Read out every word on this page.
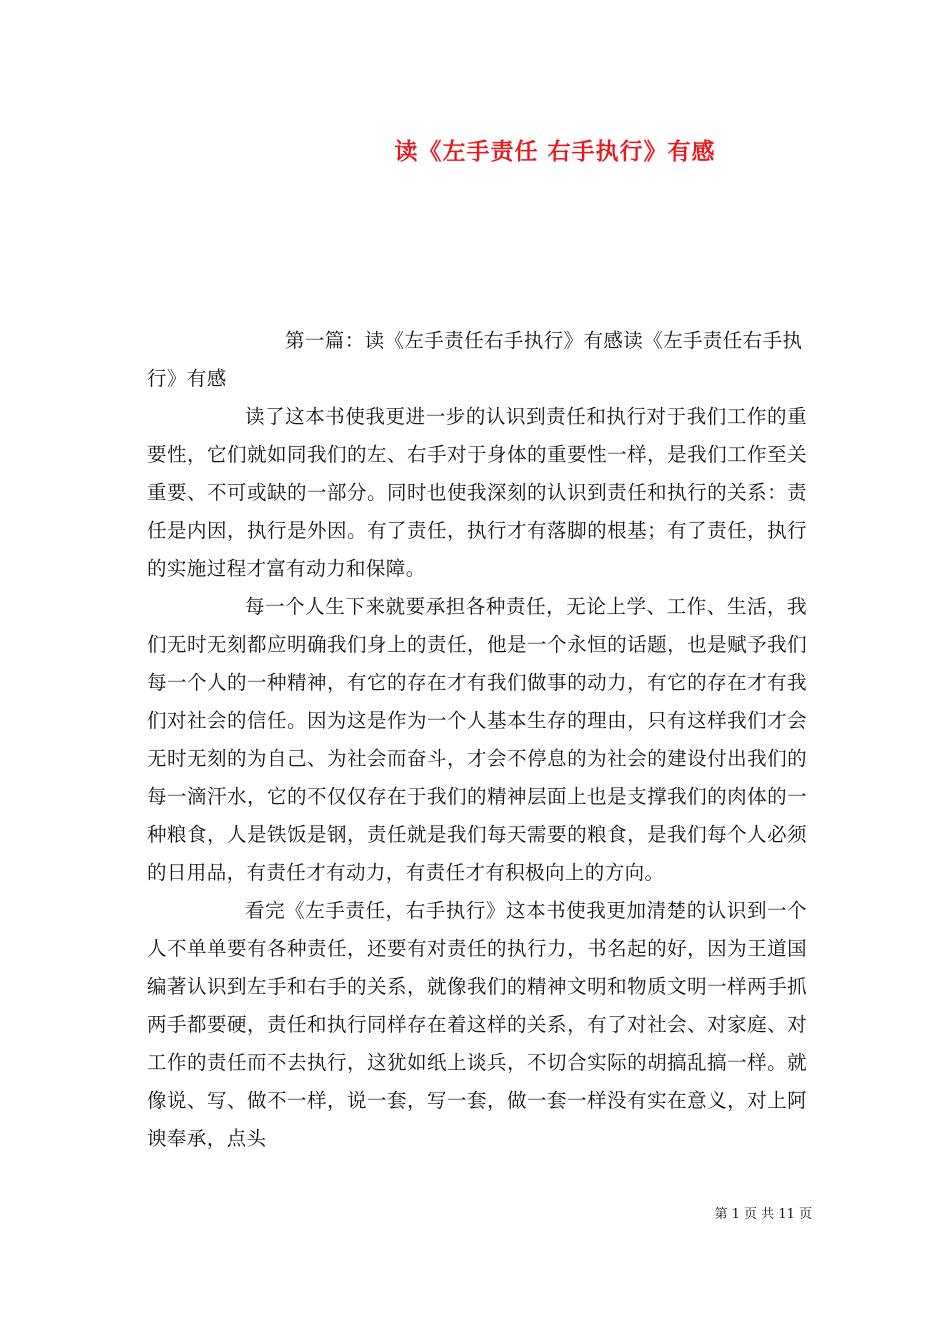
读《左手责任 右手执行》有感

第一篇：读《左手责任右手执行》有感读《左手责任右手执行》有感

读了这本书使我更进一步的认识到责任和执行对于我们工作的重要性，它们就如同我们的左、右手对于身体的重要性一样，是我们工作至关重要、不可或缺的一部分。同时也使我深刻的认识到责任和执行的关系：责任是内因，执行是外因。有了责任，执行才有落脚的根基；有了责任，执行的实施过程才富有动力和保障。

每一个人生下来就要承担各种责任，无论上学、工作、生活，我们无时无刻都应明确我们身上的责任，他是一个永恒的话题，也是赋予我们每一个人的一种精神，有它的存在才有我们做事的动力，有它的存在才有我们对社会的信任。因为这是作为一个人基本生存的理由，只有这样我们才会无时无刻的为自己、为社会而奋斗，才会不停息的为社会的建设付出我们的每一滴汗水，它的不仅仅存在于我们的精神层面上也是支撑我们的肉体的一种粮食，人是铁饭是钢，责任就是我们每天需要的粮食，是我们每个人必须的日用品，有责任才有动力，有责任才有积极向上的方向。

看完《左手责任，右手执行》这本书使我更加清楚的认识到一个人不单单要有各种责任，还要有对责任的执行力，书名起的好，因为王道国编著认识到左手和右手的关系，就像我们的精神文明和物质文明一样两手抓两手都要硬，责任和执行同样存在着这样的关系，有了对社会、对家庭、对工作的责任而不去执行，这犹如纸上谈兵，不切合实际的胡搞乱搞一样。就像说、写、做不一样，说一套，写一套，做一套一样没有实在意义，对上阿谀奉承，点头

第 1 页 共 11 页
